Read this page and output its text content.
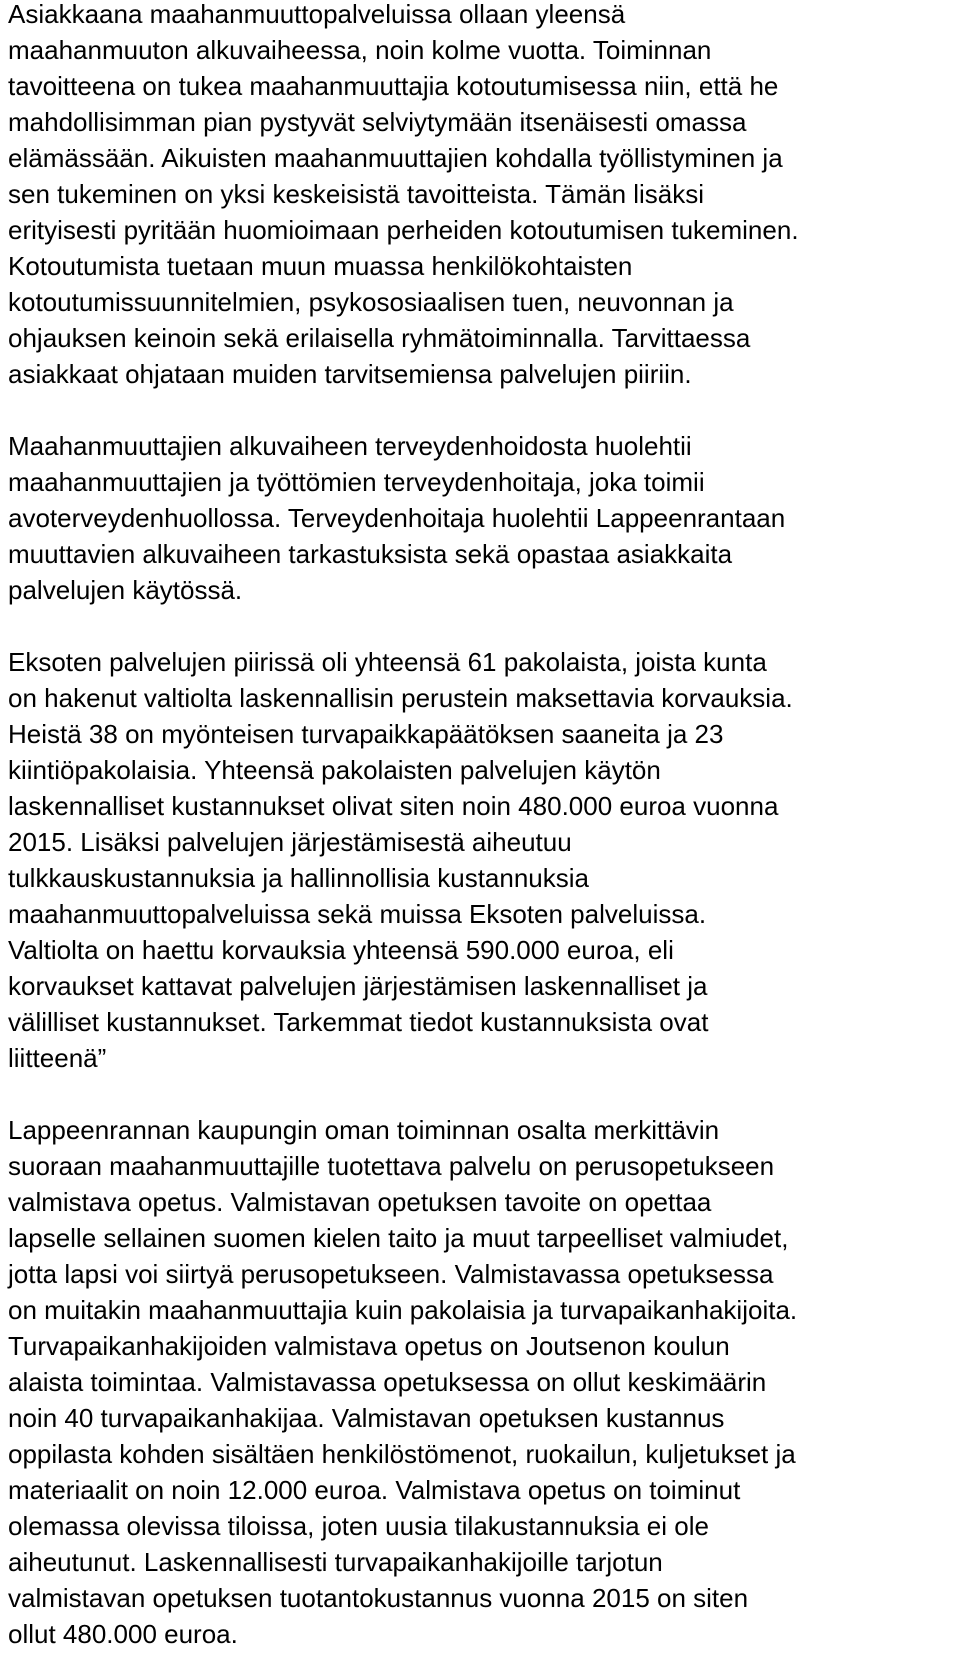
Asiakkaana maahanmuuttopalveluissa ollaan yleensä
maahanmuuton alkuvaiheessa, noin kolme vuotta. Toiminnan
tavoitteena on tukea maahanmuuttajia kotoutumisessa niin, että he
mahdollisimman pian pystyvät selviytymään itsenäisesti omassa
elämässään. Aikuisten maahanmuuttajien kohdalla työllistyminen ja
sen tukeminen on yksi keskeisistä tavoitteista. Tämän lisäksi
erityisesti pyritään huomioimaan perheiden kotoutumisen tukeminen.
Kotoutumista tuetaan muun muassa henkilökohtaisten
kotoutumissuunnitelmien, psykososiaalisen tuen, neuvonnan ja
ohjauksen keinoin sekä erilaisella ryhmätoiminnalla. Tarvittaessa
asiakkaat ohjataan muiden tarvitsemiensa palvelujen piiriin.

Maahanmuuttajien alkuvaiheen terveydenhoidosta huolehtii
maahanmuuttajien ja työttömien terveydenhoitaja, joka toimii
avoterveydenhuollossa. Terveydenhoitaja huolehtii Lappeenrantaan
muuttavien alkuvaiheen tarkastuksista sekä opastaa asiakkaita
palvelujen käytössä.

Eksoten palvelujen piirissä oli yhteensä 61 pakolaista, joista kunta
on hakenut valtiolta laskennallisin perustein maksettavia korvauksia.
Heistä 38 on myönteisen turvapaikkapäätöksen saaneita ja 23
kiintiöpakolaisia. Yhteensä pakolaisten palvelujen käytön
laskennalliset kustannukset olivat siten noin 480.000 euroa vuonna
2015. Lisäksi palvelujen järjestämisestä aiheutuu
tulkkauskustannuksia ja hallinnollisia kustannuksia
maahanmuuttopalveluissa sekä muissa Eksoten palveluissa.
Valtiolta on haettu korvauksia yhteensä 590.000 euroa, eli
korvaukset kattavat palvelujen järjestämisen laskennalliset ja
välilliset kustannukset. Tarkemmat tiedot kustannuksista ovat
liitteenä”

Lappeenrannan kaupungin oman toiminnan osalta merkittävin
suoraan maahanmuuttajille tuotettava palvelu on perusopetukseen
valmistava opetus. Valmistavan opetuksen tavoite on opettaa
lapselle sellainen suomen kielen taito ja muut tarpeelliset valmiudet,
jotta lapsi voi siirtyä perusopetukseen. Valmistavassa opetuksessa
on muitakin maahanmuuttajia kuin pakolaisia ja turvapaikanhakijoita.
Turvapaikanhakijoiden valmistava opetus on Joutsenon koulun
alaista toimintaa. Valmistavassa opetuksessa on ollut keskimäärin
noin 40 turvapaikanhakijaa. Valmistavan opetuksen kustannus
oppilasta kohden sisältäen henkilöstömenot, ruokailun, kuljetukset ja
materiaalit on noin 12.000 euroa. Valmistava opetus on toiminut
olemassa olevissa tiloissa, joten uusia tilakustannuksia ei ole
aiheutunut. Laskennallisesti turvapaikanhakijoille tarjotun
valmistavan opetuksen tuotantokustannus vuonna 2015 on siten
ollut 480.000 euroa.
